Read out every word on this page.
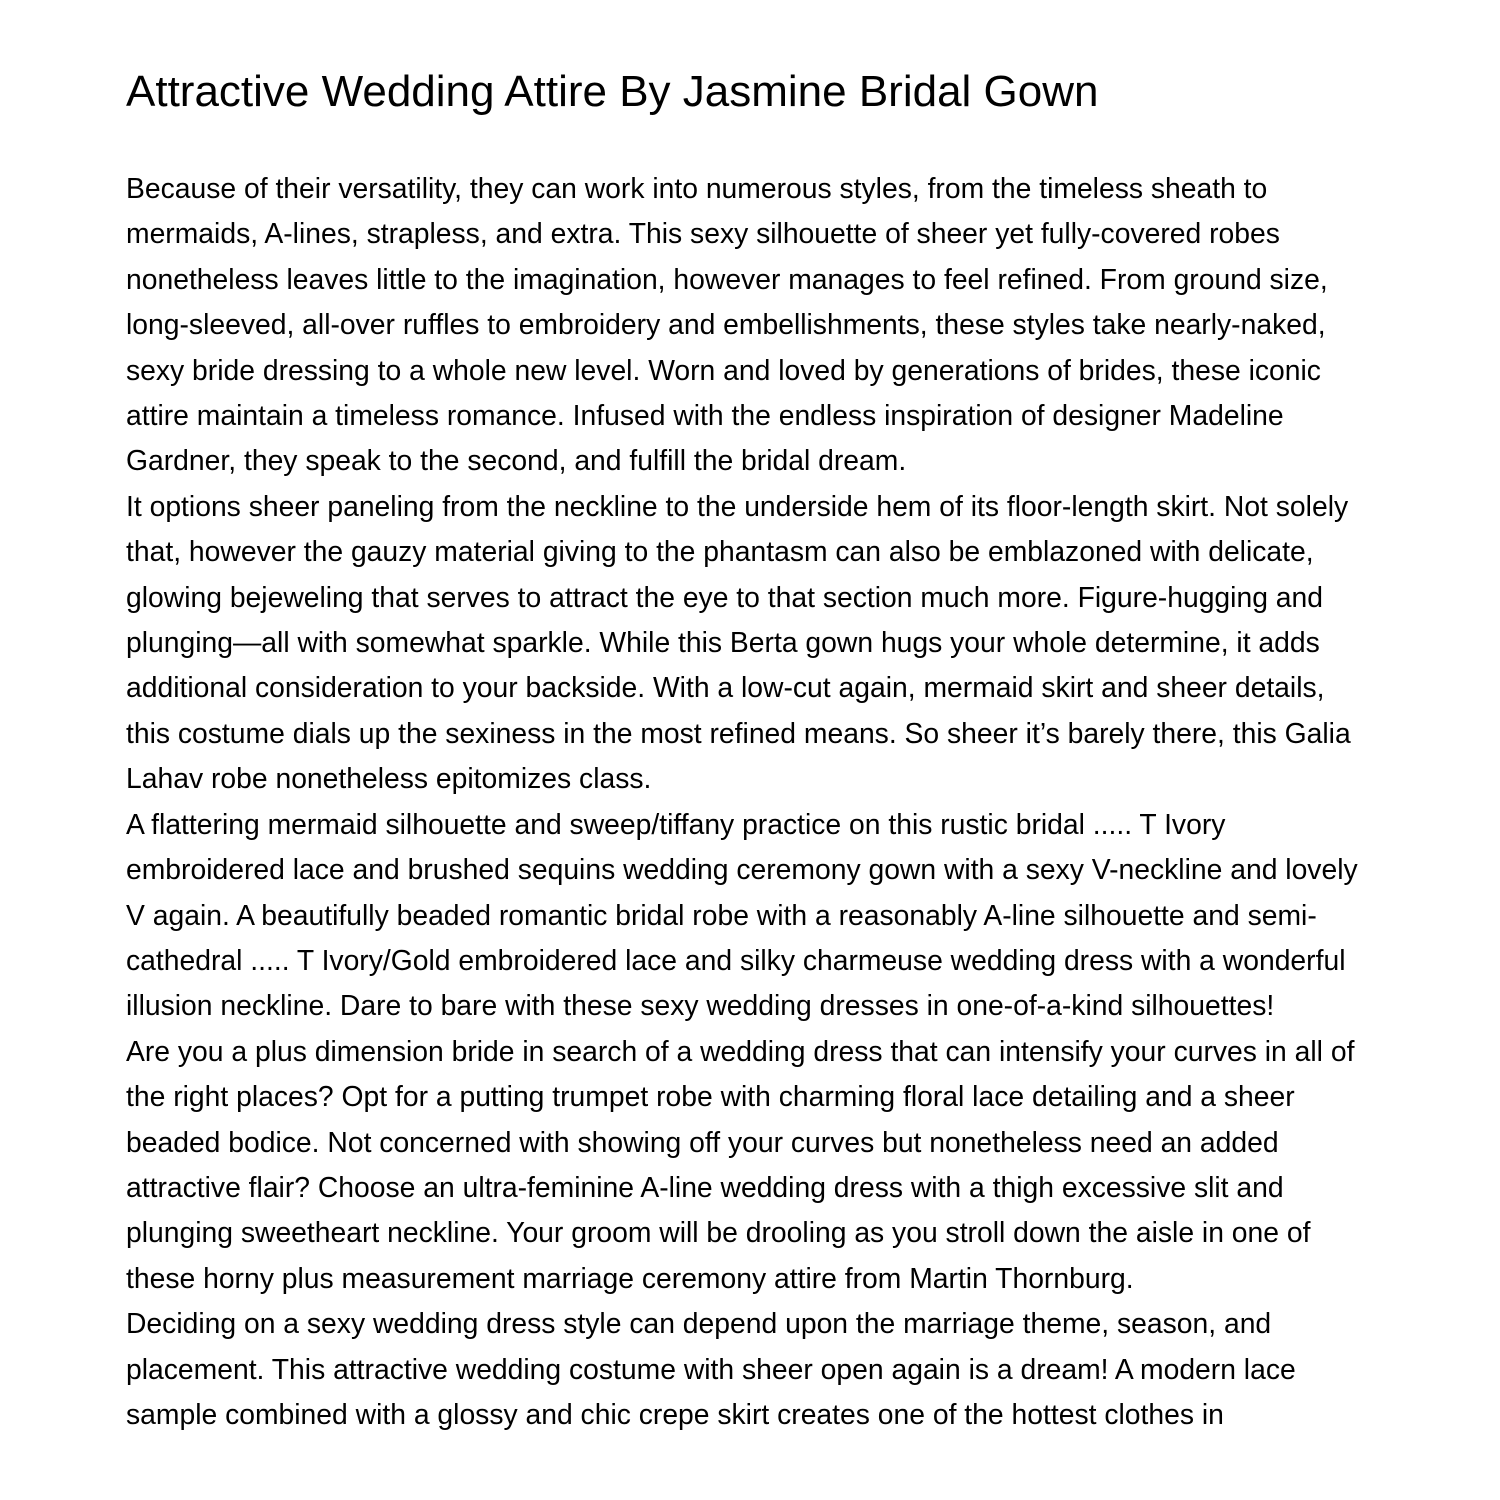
Attractive Wedding Attire By Jasmine Bridal Gown

Because of their versatility, they can work into numerous styles, from the timeless sheath to mermaids, A-lines, strapless, and extra. This sexy silhouette of sheer yet fully-covered robes nonetheless leaves little to the imagination, however manages to feel refined. From ground size, long-sleeved, all-over ruffles to embroidery and embellishments, these styles take nearly-naked, sexy bride dressing to a whole new level. Worn and loved by generations of brides, these iconic attire maintain a timeless romance. Infused with the endless inspiration of designer Madeline Gardner, they speak to the second, and fulfill the bridal dream.

It options sheer paneling from the neckline to the underside hem of its floor-length skirt. Not solely that, however the gauzy material giving to the phantasm can also be emblazoned with delicate, glowing bejeweling that serves to attract the eye to that section much more. Figure-hugging and plunging—all with somewhat sparkle. While this Berta gown hugs your whole determine, it adds additional consideration to your backside. With a low-cut again, mermaid skirt and sheer details, this costume dials up the sexiness in the most refined means. So sheer it’s barely there, this Galia Lahav robe nonetheless epitomizes class.

A flattering mermaid silhouette and sweep/tiffany practice on this rustic bridal ..... T Ivory embroidered lace and brushed sequins wedding ceremony gown with a sexy V-neckline and lovely V again. A beautifully beaded romantic bridal robe with a reasonably A-line silhouette and semi-cathedral ..... T Ivory/Gold embroidered lace and silky charmeuse wedding dress with a wonderful illusion neckline. Dare to bare with these sexy wedding dresses in one-of-a-kind silhouettes!

Are you a plus dimension bride in search of a wedding dress that can intensify your curves in all of the right places? Opt for a putting trumpet robe with charming floral lace detailing and a sheer beaded bodice. Not concerned with showing off your curves but nonetheless need an added attractive flair? Choose an ultra-feminine A-line wedding dress with a thigh excessive slit and plunging sweetheart neckline. Your groom will be drooling as you stroll down the aisle in one of these horny plus measurement marriage ceremony attire from Martin Thornburg.

Deciding on a sexy wedding dress style can depend upon the marriage theme, season, and placement. This attractive wedding costume with sheer open again is a dream! A modern lace sample combined with a glossy and chic crepe skirt creates one of the hottest clothes in
